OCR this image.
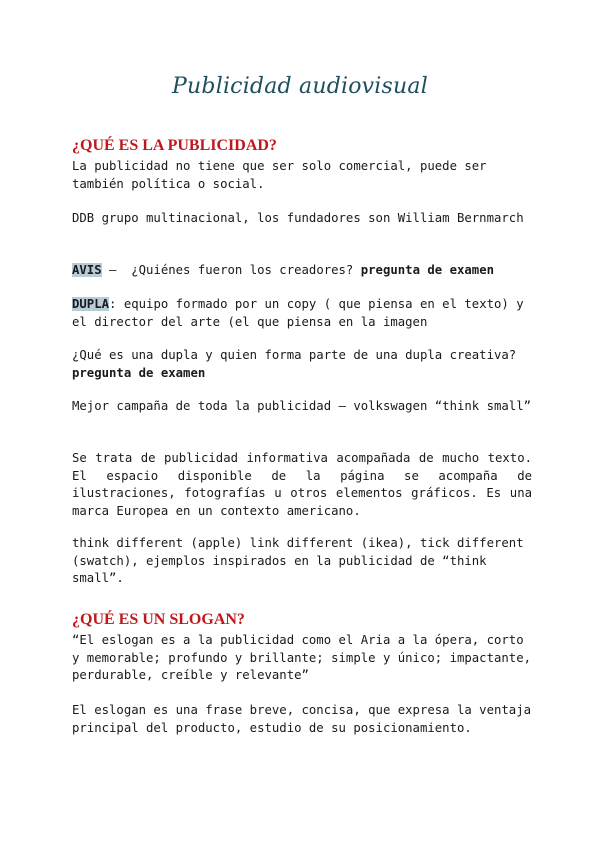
Publicidad audiovisual
¿QUÉ ES LA PUBLICIDAD?

La publicidad no tiene que ser solo comercial, puede ser también política o social.

DDB grupo multinacional, los fundadores son William Bernmarch

AVIS –  ¿Quiénes fueron los creadores? pregunta de examen

DUPLA: equipo formado por un copy ( que piensa en el texto) y el director del arte (el que piensa en la imagen

¿Qué es una dupla y quien forma parte de una dupla creativa? pregunta de examen

Mejor campaña de toda la publicidad – volkswagen “think small”

Se trata de publicidad informativa acompañada de mucho texto. El espacio disponible de la página se acompaña de ilustraciones, fotografías u otros elementos gráficos. Es una marca Europea en un contexto americano.

think different (apple) link different (ikea), tick different (swatch), ejemplos inspirados en la publicidad de “think small”.

¿QUÉ ES UN SLOGAN?

“El eslogan es a la publicidad como el Aria a la ópera, corto y memorable; profundo y brillante; simple y único; impactante, perdurable, creíble y relevante”

El eslogan es una frase breve, concisa, que expresa la ventaja principal del producto, estudio de su posicionamiento.
